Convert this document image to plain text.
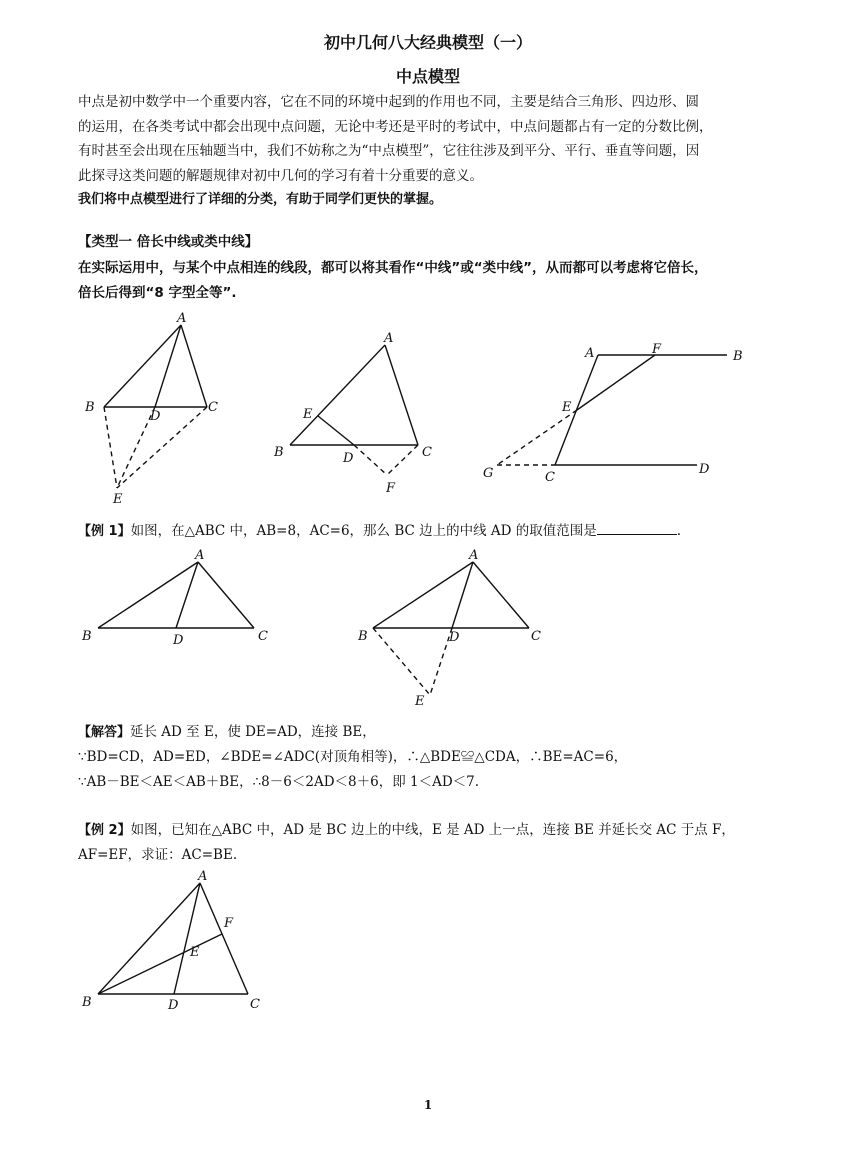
初中几何八大经典模型（一）
中点模型
中点是初中数学中一个重要内容，它在不同的环境中起到的作用也不同，主要是结合三角形、四边形、圆
的运用，在各类考试中都会出现中点问题，无论中考还是平时的考试中，中点问题都占有一定的分数比例，
有时甚至会出现在压轴题当中，我们不妨称之为“中点模型”，它往往涉及到平分、平行、垂直等问题，因
此探寻这类问题的解题规律对初中几何的学习有着十分重要的意义。
我们将中点模型进行了详细的分类，有助于同学们更快的掌握。
【类型一 倍长中线或类中线】
在实际运用中，与某个中点相连的线段，都可以将其看作“中线”或“类中线”，从而都可以考虑将它倍长，
倍长后得到“8 字型全等”.
A
B	C
D
E
A
B	C
D
E
F
A	F	B
E
G	C
D
【例 1】如图，在△ABC 中，AB=8，AC=6，那么 BC 边上的中线 AD 的取值范围是	.
A
B	C
D
A
B	C
D
E
【解答】延长 AD 至 E，使 DE=AD，连接 BE，
∵BD=CD，AD=ED，∠BDE=∠ADC(对顶角相等)，∴△BDE≌△CDA，∴BE=AC=6，
∵AB－BE＜AE＜AB＋BE，∴8－6＜2AD＜8＋6，即 1＜AD＜7.
【例 2】如图，已知在△ABC 中，AD 是 BC 边上的中线，E 是 AD 上一点，连接 BE 并延长交 AC 于点 F，
AF=EF，求证：AC=BE.
A
B	C
D
E
F
1
